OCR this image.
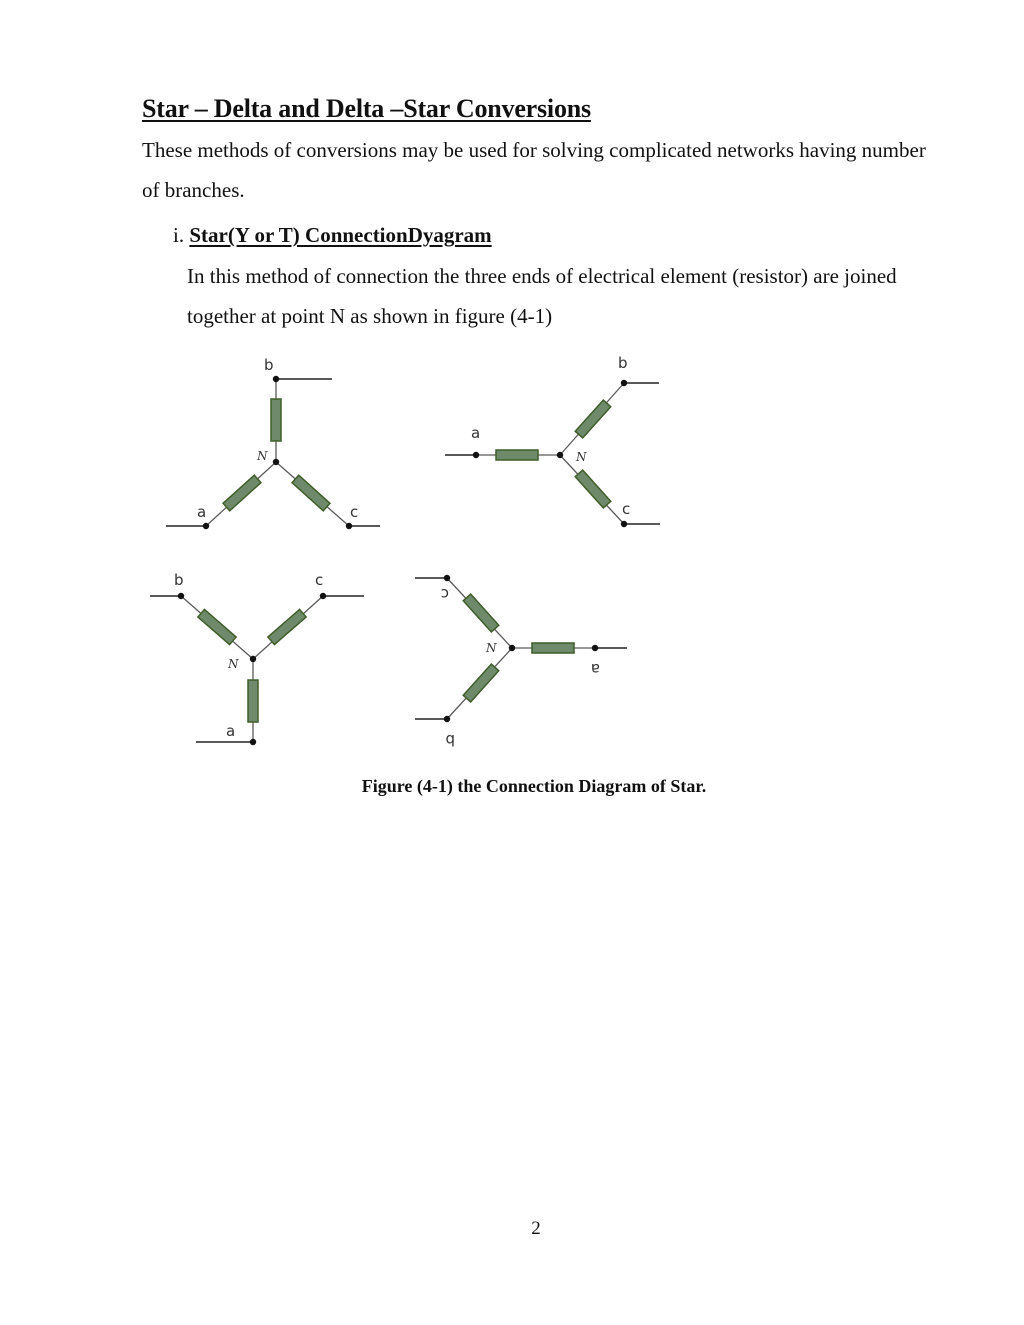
Star – Delta and Delta –Star Conversions

These methods of conversions may be used for solving complicated networks having number of branches.

i. Star(Y or T) ConnectionDyagram

In this method of connection the three ends of electrical element (resistor) are joined together at point N as shown in figure (4-1)

b
N
a	c
a
N
b
c
b	c
N
a
c
N
a
b

Figure (4-1) the Connection Diagram of Star.

2
